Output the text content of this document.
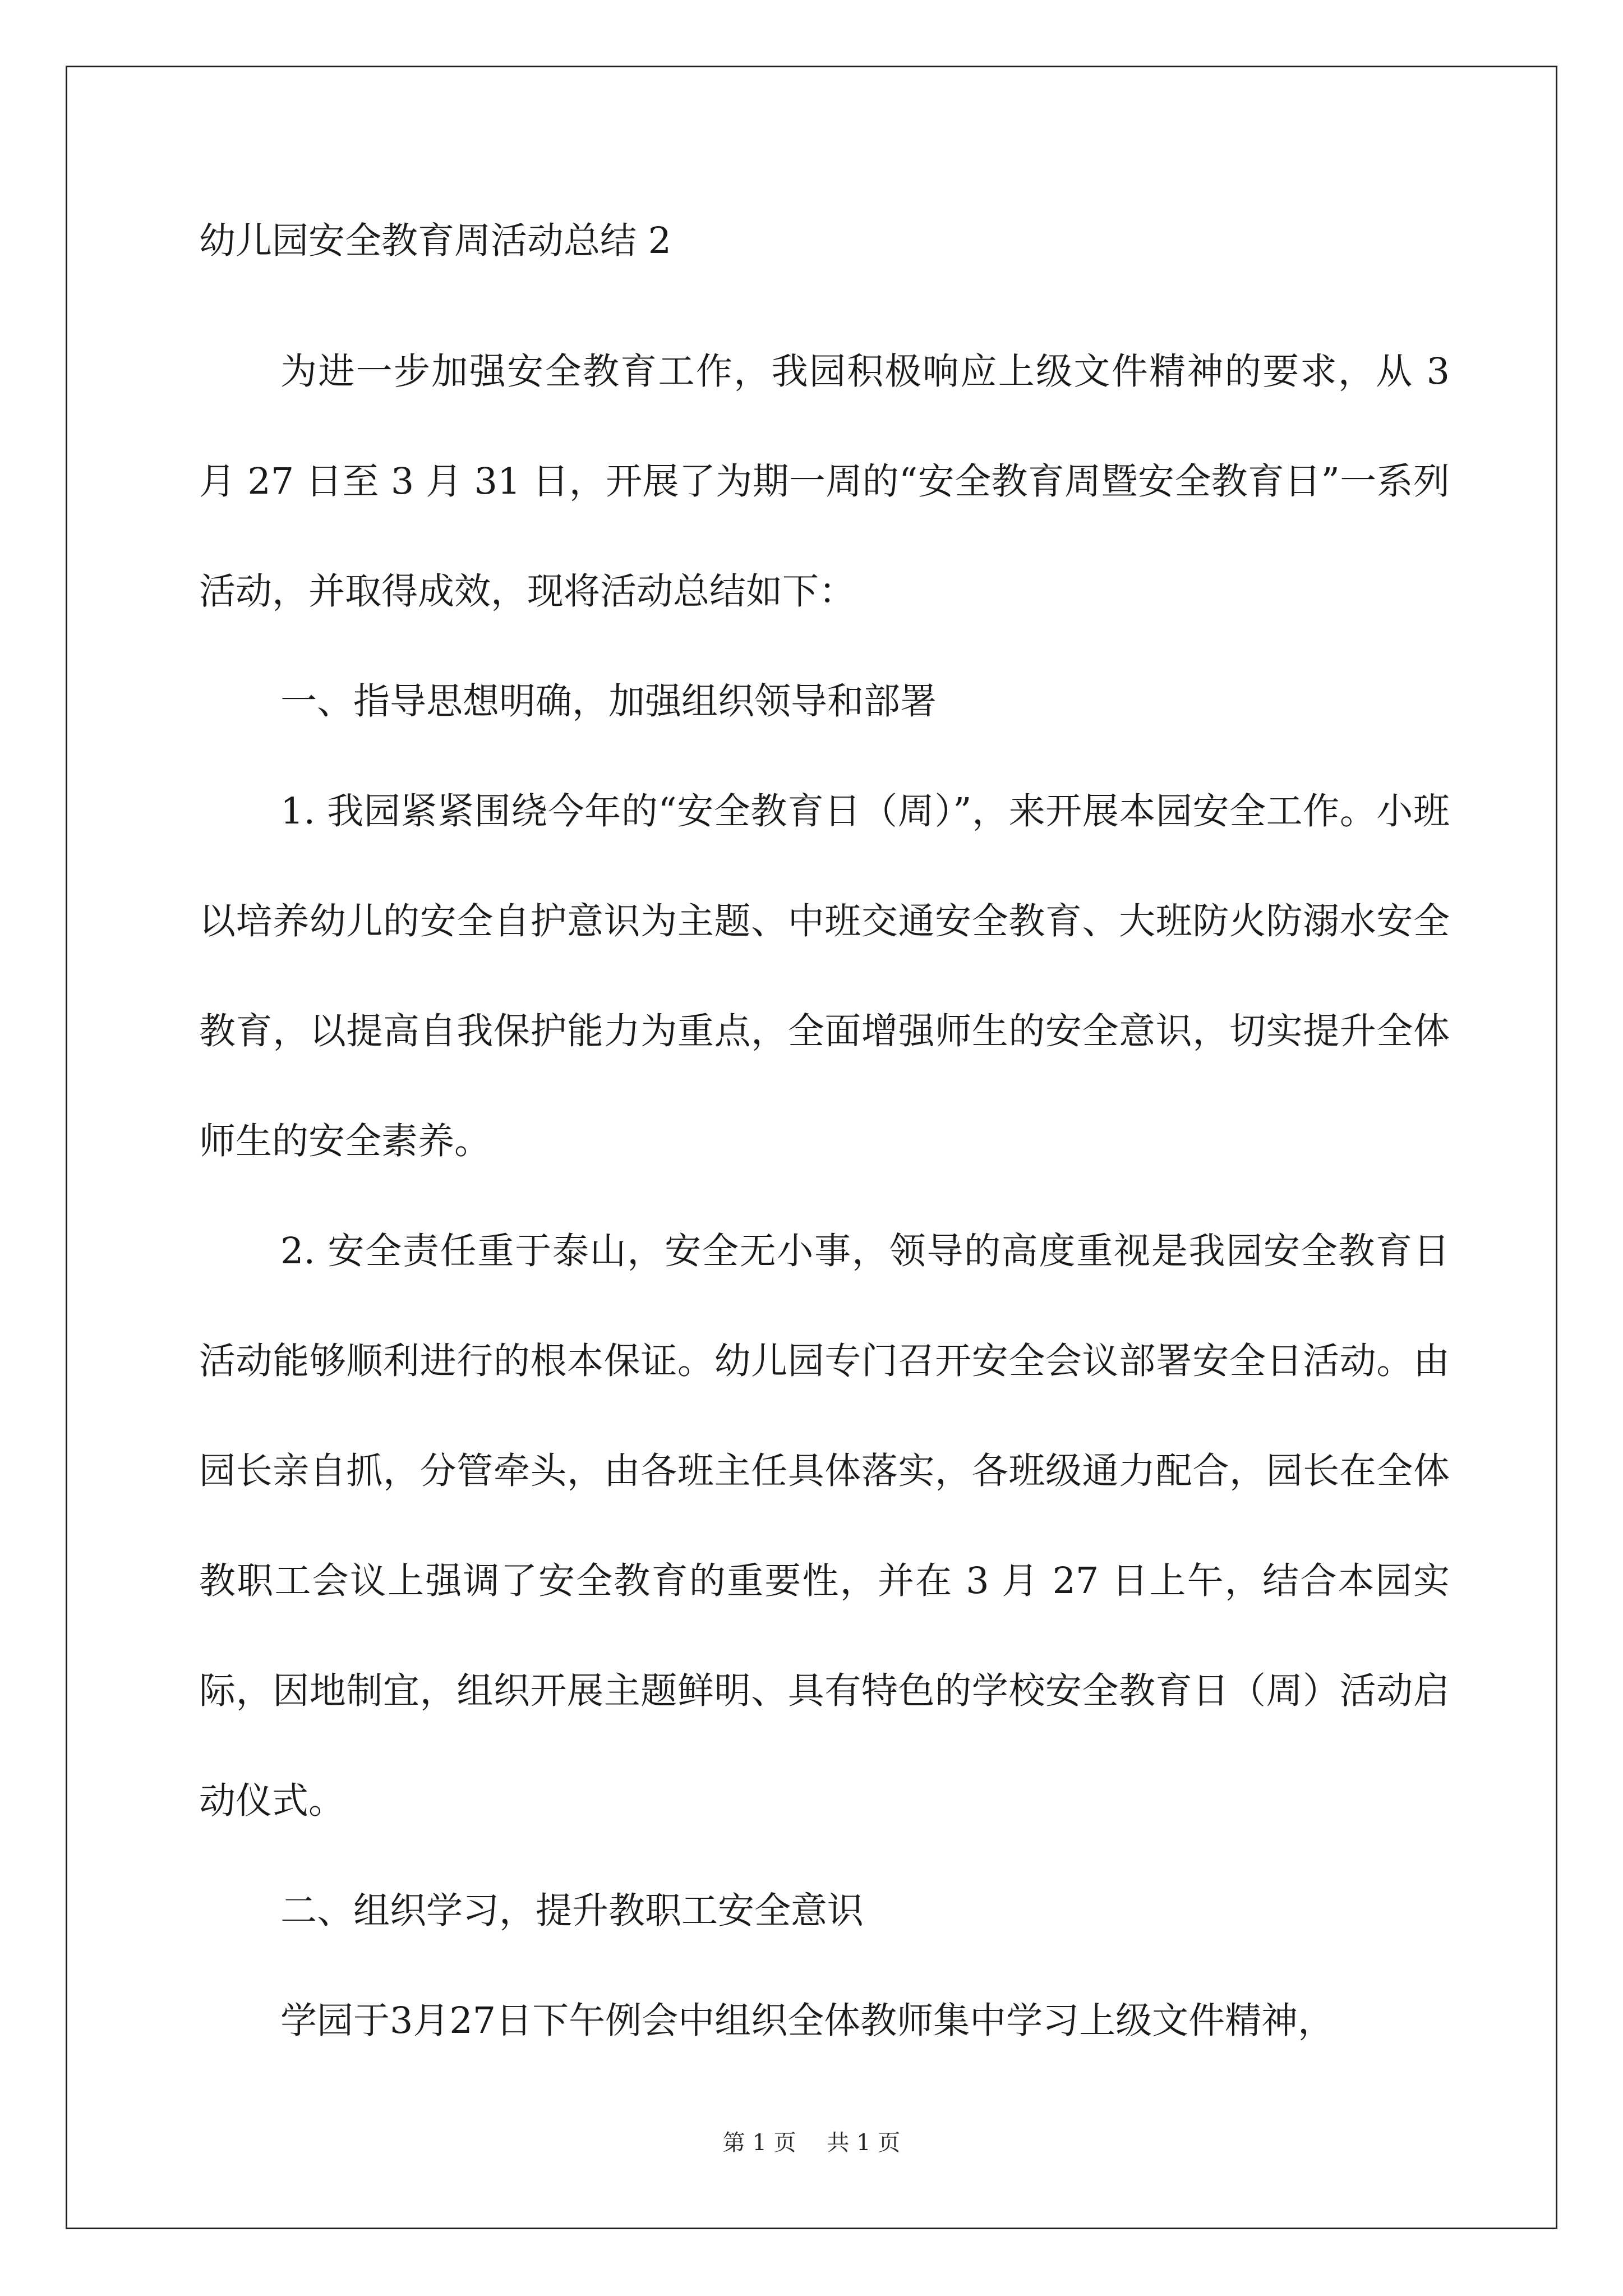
幼儿园安全教育周活动总结 2

为进一步加强安全教育工作，我园积极响应上级文件精神的要求，从 3 月 27 日至 3 月 31 日，开展了为期一周的“安全教育周暨安全教育日”一系列活动，并取得成效，现将活动总结如下：

一、指导思想明确，加强组织领导和部署

1. 我园紧紧围绕今年的“安全教育日（周）”，来开展本园安全工作。小班以培养幼儿的安全自护意识为主题、中班交通安全教育、大班防火防溺水安全教育，以提高自我保护能力为重点，全面增强师生的安全意识，切实提升全体师生的安全素养。

2. 安全责任重于泰山，安全无小事，领导的高度重视是我园安全教育日活动能够顺利进行的根本保证。幼儿园专门召开安全会议部署安全日活动。由园长亲自抓，分管牵头，由各班主任具体落实，各班级通力配合，园长在全体教职工会议上强调了安全教育的重要性，并在 3 月 27 日上午，结合本园实际，因地制宜，组织开展主题鲜明、具有特色的学校安全教育日（周）活动启动仪式。

二、组织学习，提升教职工安全意识

学园于3月27日下午例会中组织全体教师集中学习上级文件精神，

第 1 页 共 1 页
